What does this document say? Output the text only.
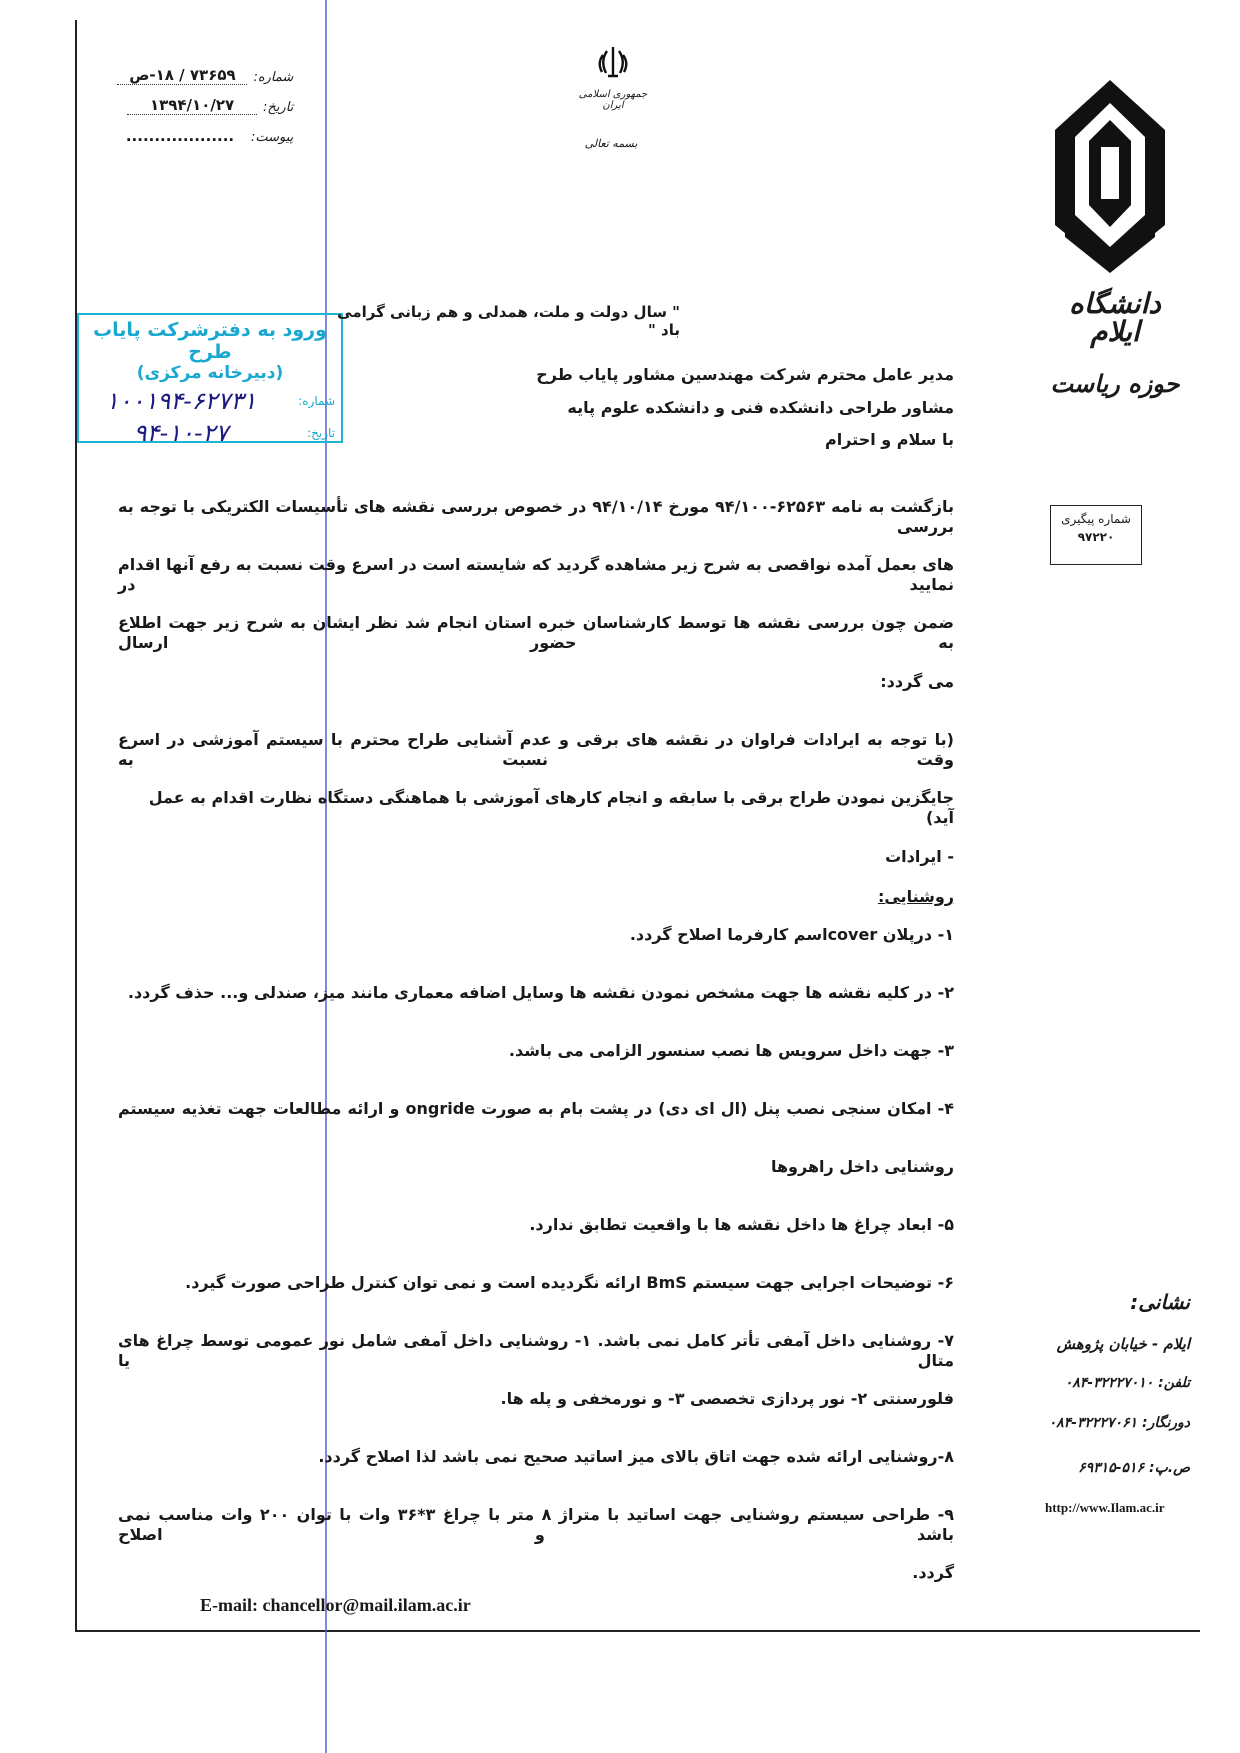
شماره:
۷۳۶۵۹ / ۱۸-ص
تاریخ:
۱۳۹۴/۱۰/۲۷
پیوست:
...................
جمهوری اسلامی ایران
بسمه تعالی
دانشگاه ایلام
حوزه ریاست
شماره پیگیری
۹۷۲۲۰
ورود به دفترشرکت پایاب طرح
(دبیرخانه مرکزی)
شماره:
۱۰۰۱۹۴-۶۲۷۳۱
تاریخ:
۹۴-۱۰-۲۷
" سال دولت و ملت، همدلی و هم زبانی گرامی باد "
مدیر عامل محترم شرکت مهندسین مشاور پایاب طرح
مشاور طراحی دانشکده فنی و دانشکده علوم پایه
با سلام و احترام
بازگشت به نامه ۶۲۵۶۳-۹۴/۱۰۰ مورخ ۹۴/۱۰/۱۴ در خصوص بررسی نقشه های تأسیسات الکتریکی با توجه به بررسی
های بعمل آمده نواقصی به شرح زیر مشاهده گردید که شایسته است در اسرع وقت نسبت به رفع آنها اقدام نمایید در
ضمن چون بررسی نقشه ها توسط کارشناسان خبره استان انجام شد نظر ایشان به شرح زیر جهت اطلاع به حضور ارسال
می گردد:
(با توجه به ایرادات فراوان در نقشه های برقی و عدم آشنایی طراح محترم با سیستم آموزشی در اسرع وقت نسبت به
جایگزین نمودن طراح برقی با سابقه و انجام کارهای آموزشی با هماهنگی دستگاه نظارت اقدام به عمل آید)
- ایرادات
روشنایی:
۱- درپلان coverاسم کارفرما اصلاح گردد.
۲- در کلیه نقشه ها جهت مشخص نمودن نقشه ها وسایل اضافه معماری مانند میز، صندلی و... حذف گردد.
۳- جهت داخل سرویس ها نصب سنسور الزامی می باشد.
۴- امکان سنجی نصب پنل (ال ای دی) در پشت بام به صورت ongride و ارائه مطالعات جهت تغذیه سیستم
روشنایی داخل راهروها
۵- ابعاد چراغ ها داخل نقشه ها با واقعیت تطابق ندارد.
۶- توضیحات اجرایی جهت سیستم BmS ارائه نگردیده است و نمی توان کنترل طراحی صورت گیرد.
۷- روشنایی داخل آمفی تأتر کامل نمی باشد. ۱- روشنایی داخل آمفی شامل نور عمومی توسط چراغ های متال یا
فلورسنتی ۲- نور پردازی تخصصی ۳- و نورمخفی و پله ها.
۸-روشنایی ارائه شده جهت اتاق بالای میز اساتید صحیح نمی باشد لذا اصلاح گردد.
۹- طراحی سیستم روشنایی جهت اساتید با متراژ ۸ متر با چراغ ۳*۳۶ وات با توان ۲۰۰ وات مناسب نمی باشد و اصلاح
گردد.
نشانی:
ایلام - خیابان پژوهش
تلفن: ۳۲۲۲۷۰۱۰-۰۸۴
دورنگار: ۳۲۲۲۷۰۶۱-۰۸۴
ص.پ: ۵۱۶-۶۹۳۱۵
http://www.Ilam.ac.ir
E-mail: chancellor@mail.ilam.ac.ir
